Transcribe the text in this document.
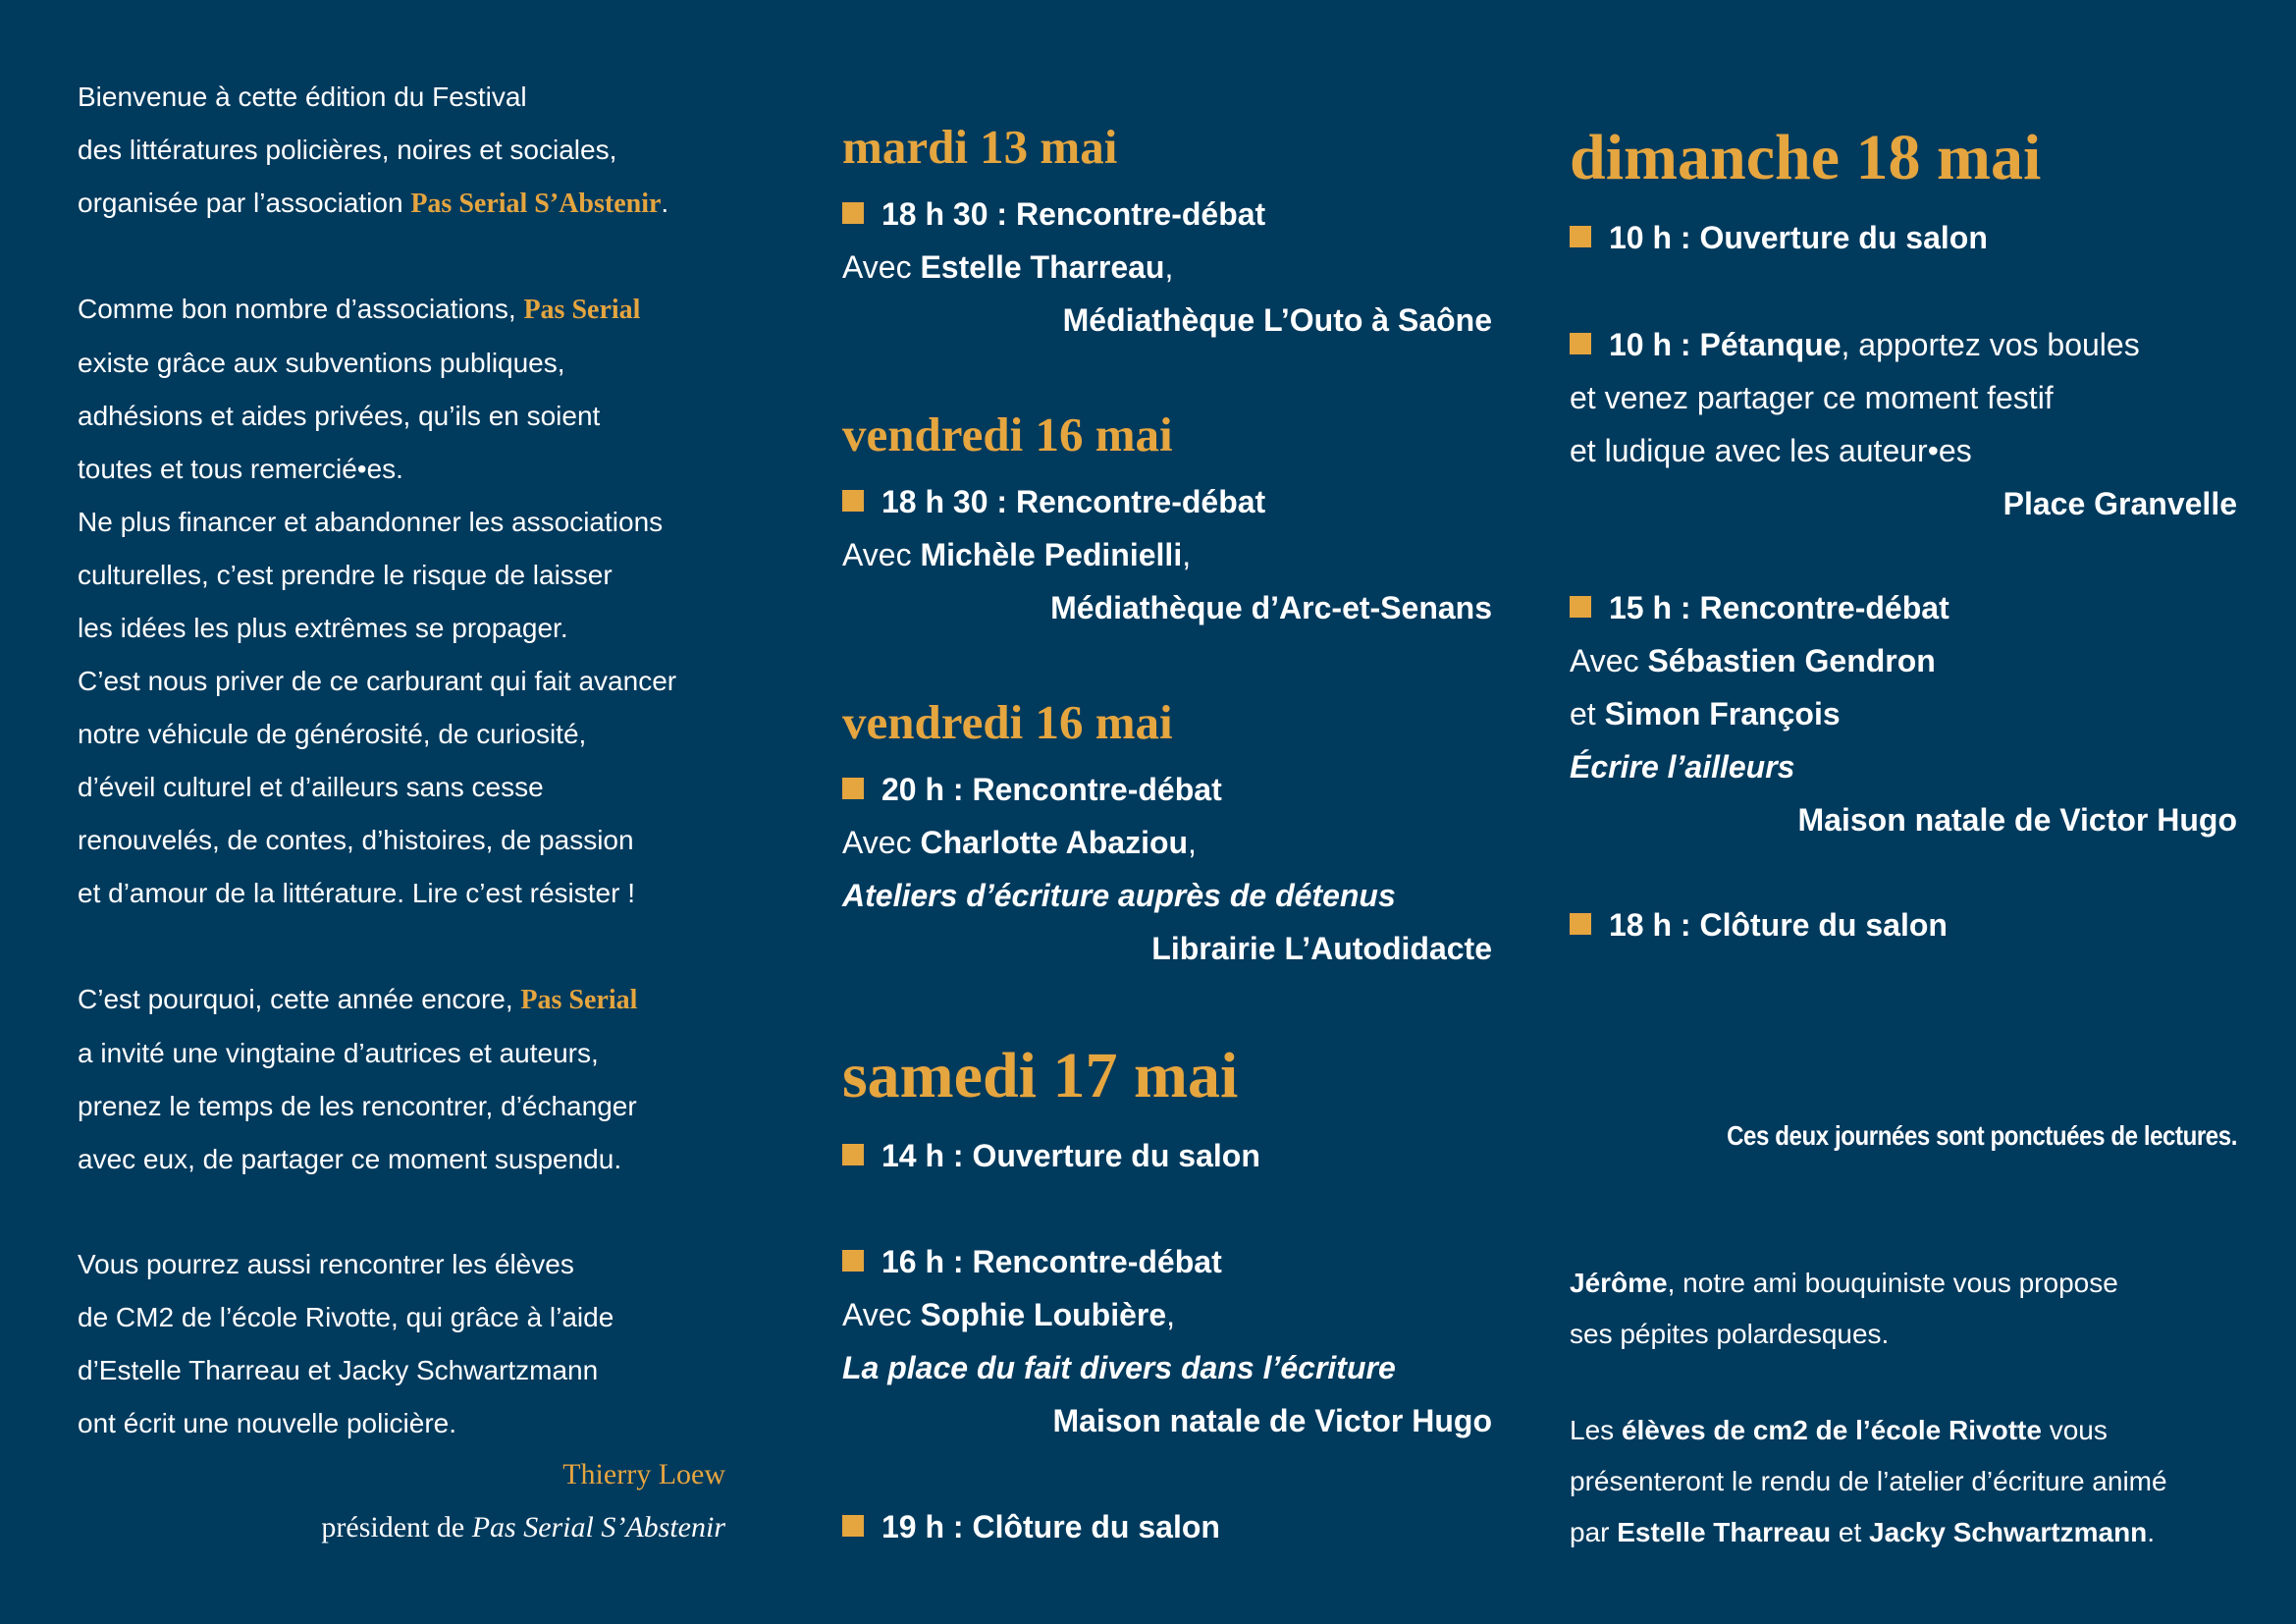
Bienvenue à cette édition du Festival
des littératures policières, noires et sociales,
organisée par l’association Pas Serial S’Abstenir.

Comme bon nombre d’associations, Pas Serial
existe grâce aux subventions publiques,
adhésions et aides privées, qu’ils en soient
toutes et tous remercié•es.
Ne plus financer et abandonner les associations
culturelles, c’est prendre le risque de laisser
les idées les plus extrêmes se propager.
C’est nous priver de ce carburant qui fait avancer
notre véhicule de générosité, de curiosité,
d’éveil culturel et d’ailleurs sans cesse
renouvelés, de contes, d’histoires, de passion
et d’amour de la littérature. Lire c’est résister !

C’est pourquoi, cette année encore, Pas Serial
a invité une vingtaine d’autrices et auteurs,
prenez le temps de les rencontrer, d’échanger
avec eux, de partager ce moment suspendu.

Vous pourrez aussi rencontrer les élèves
de CM2 de l’école Rivotte, qui grâce à l’aide
d’Estelle Tharreau et Jacky Schwartzmann
ont écrit une nouvelle policière.

Thierry Loew
président de Pas Serial S’Abstenir
mardi 13 mai
18 h 30 : Rencontre-débat
Avec Estelle Tharreau,
Médiathèque L’Outo à Saône
vendredi 16 mai
18 h 30 : Rencontre-débat
Avec Michèle Pedinielli,
Médiathèque d’Arc-et-Senans
vendredi 16 mai
20 h : Rencontre-débat
Avec Charlotte Abaziou,
Ateliers d’écriture auprès de détenus
Librairie L’Autodidacte
samedi 17 mai
14 h : Ouverture du salon
16 h : Rencontre-débat
Avec Sophie Loubière,
La place du fait divers dans l’écriture
Maison natale de Victor Hugo
19 h : Clôture du salon
dimanche 18 mai
10 h : Ouverture du salon
10 h : Pétanque, apportez vos boules
et venez partager ce moment festif
et ludique avec les auteur•es
Place Granvelle
15 h : Rencontre-débat
Avec Sébastien Gendron
et Simon François
Écrire l’ailleurs
Maison natale de Victor Hugo
18 h : Clôture du salon
Ces deux journées sont ponctuées de lectures.

Jérôme, notre ami bouquiniste vous propose
ses pépites polardesques.

Les élèves de cm2 de l’école Rivotte vous
présenteront le rendu de l’atelier d’écriture animé
par Estelle Tharreau et Jacky Schwartzmann.
